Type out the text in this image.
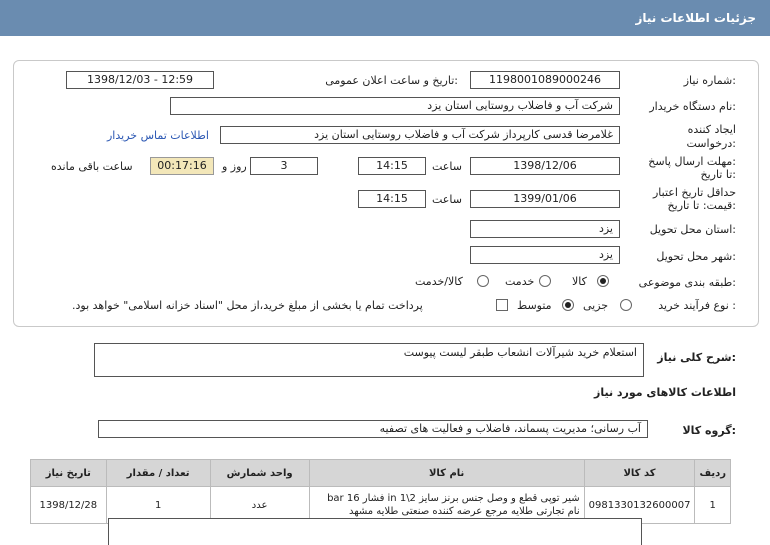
جزئیات اطلاعات نیاز
شماره نیاز:
1198001089000246
تاریخ و ساعت اعلان عمومی:
1398/12/03 - 12:59
نام دستگاه خریدار:
شرکت آب و فاضلاب روستایی استان یزد
ایجاد کننده
درخواست:
غلامرضا قدسی کارپرداز شرکت آب و فاضلاب روستایی استان یزد
اطلاعات تماس خریدار
مهلت ارسال پاسخ:
تا تاریخ:
1398/12/06
ساعت
14:15
3
روز و
00:17:16
ساعت باقی مانده
حداقل تاریخ اعتبار
قیمت: تا تاریخ:
1399/01/06
ساعت
14:15
استان محل تحویل:
یزد
شهر محل تحویل:
یزد
طبقه بندی موضوعی:
کالا
خدمت
کالا/خدمت
نوع فرآیند خرید :
جزیی
متوسط
پرداخت تمام یا بخشی از مبلغ خرید،از محل "اسناد خزانه اسلامی" خواهد بود.
شرح کلی نیاز:
استعلام خرید شیرآلات انشعاب طبقر لیست پیوست
اطلاعات کالاهای مورد نیاز
گروه کالا:
آب رسانی؛ مدیریت پسماند، فاضلاب و فعالیت های تصفیه
ردیف	کد کالا	نام کالا	واحد شمارش	تعداد / مقدار	تاریخ نیاز
1	0981330132600007	شیر توپی قطع و وصل جنس برنز سایز in 1\2 فشار 16 bar
نام تجارتی طلایه مرجع عرضه کننده صنعتی طلایه مشهد	عدد	1	1398/12/28
